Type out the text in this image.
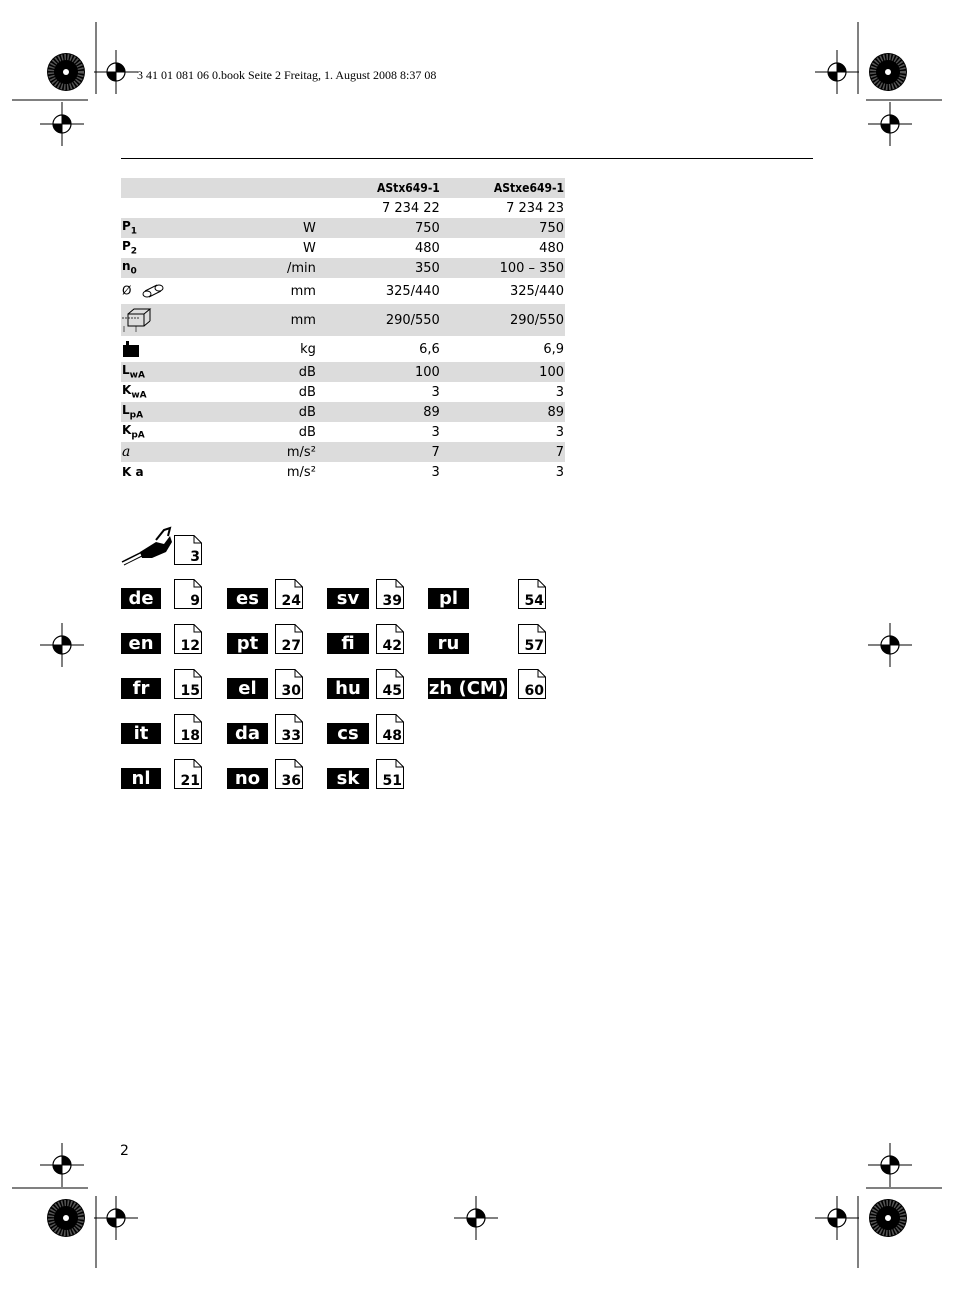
3 41 01 081 06 0.book Seite 2 Freitag, 1. August 2008 8:37 08
		AStx649-1	AStxe649-1
		7 234 22	7 234 23
$P_1$	W	750	750
$P_2$	W	480	480
$n_0$	/min	350	100 – 350
Ø	mm	325/440	325/440
	mm	290/550	290/550
	kg	6,6	6,9
$L_{wA}$	dB	100	100
$K_{wA}$	dB	3	3
$L_{pA}$	dB	89	89
$K_{pA}$	dB	3	3
a	m/s²	7	7
K a	m/s²	3	3
3
de	9
en	12
fr	15
it	18
nl	21
es	24
pt	27
el	30
da	33
no	36
sv	39
fi	42
hu	45
cs	48
sk	51
pl	54
ru	57
zh (CM) 60
2
